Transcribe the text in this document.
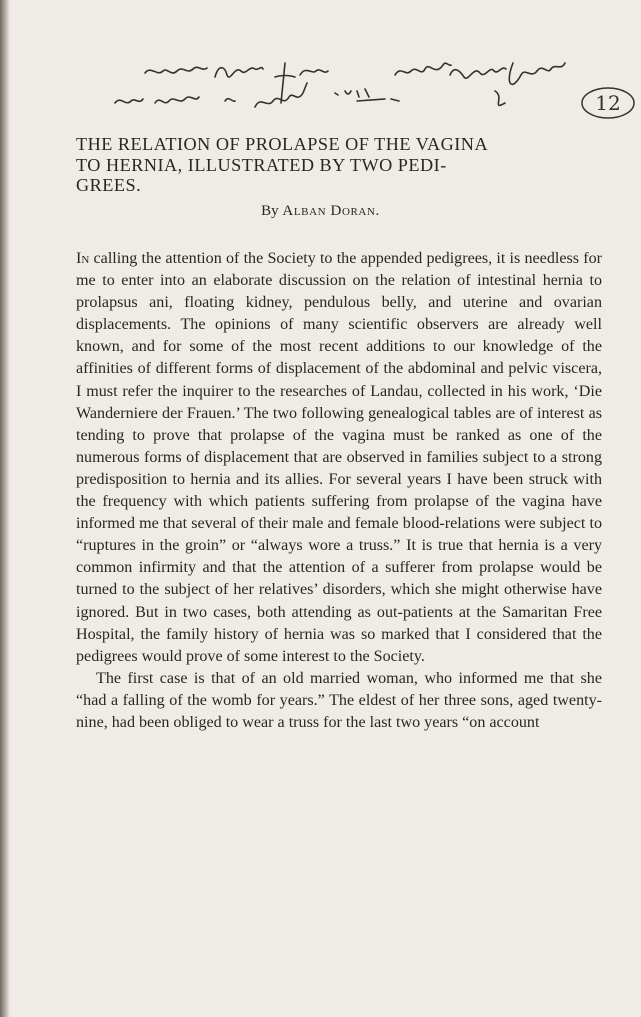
12
THE RELATION OF PROLAPSE OF THE VAGINA
TO HERNIA, ILLUSTRATED BY TWO PEDI-
GREES.
By Alban Doran.

In calling the attention of the Society to the appended pedigrees, it is needless for me to enter into an elaborate discussion on the relation of intestinal hernia to prolapsus ani, floating kidney, pendulous belly, and uterine and ovarian displacements. The opinions of many scientific observers are already well known, and for some of the most recent additions to our knowledge of the affinities of different forms of displacement of the abdominal and pelvic viscera, I must refer the inquirer to the researches of Landau, collected in his work, ‘Die Wanderniere der Frauen.’ The two following genealogical tables are of interest as tending to prove that prolapse of the vagina must be ranked as one of the numerous forms of displacement that are observed in families subject to a strong predisposition to hernia and its allies. For several years I have been struck with the frequency with which patients suffering from prolapse of the vagina have informed me that several of their male and female blood-relations were subject to “ruptures in the groin” or “always wore a truss.” It is true that hernia is a very common infirmity and that the attention of a sufferer from prolapse would be turned to the subject of her relatives’ disorders, which she might otherwise have ignored. But in two cases, both attending as out-patients at the Samaritan Free Hospital, the family history of hernia was so marked that I considered that the pedigrees would prove of some interest to the Society.

The first case is that of an old married woman, who informed me that she “had a falling of the womb for years.” The eldest of her three sons, aged twenty-nine, had been obliged to wear a truss for the last two years “on account
